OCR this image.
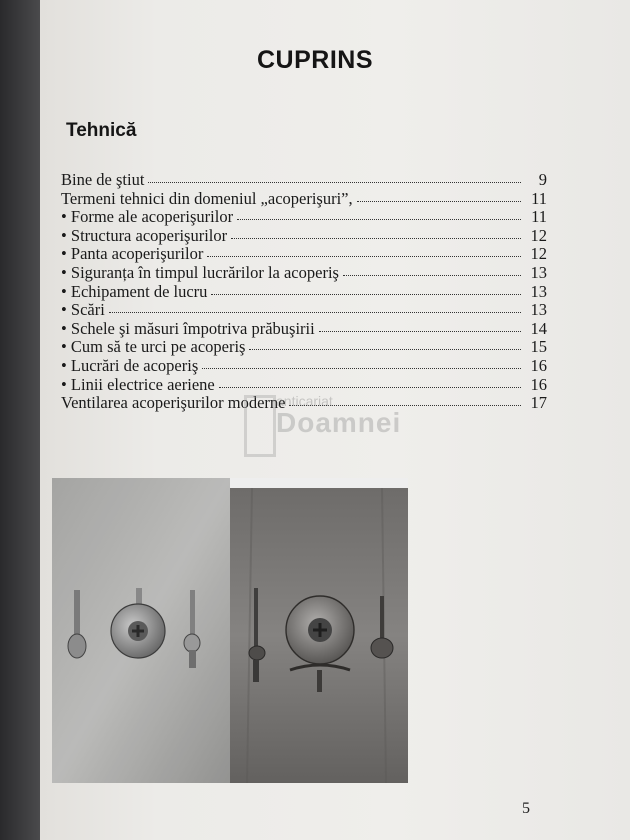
CUPRINS
Tehnică
Bine de ştiut	9
Termeni tehnici din domeniul „acoperişuri”,	11
• Forme ale acoperişurilor	11
• Structura acoperişurilor	12
• Panta acoperişurilor	12
• Siguranța în timpul lucrărilor la acoperiş	13
• Echipament de lucru	13
• Scări	13
• Schele şi măsuri împotriva prăbuşirii	14
• Cum să te urci pe acoperiş	15
• Lucrări de acoperiş	16
• Linii electrice aeriene	16
Ventilarea acoperişurilor moderne	17
anticariat
Doamnei
5
